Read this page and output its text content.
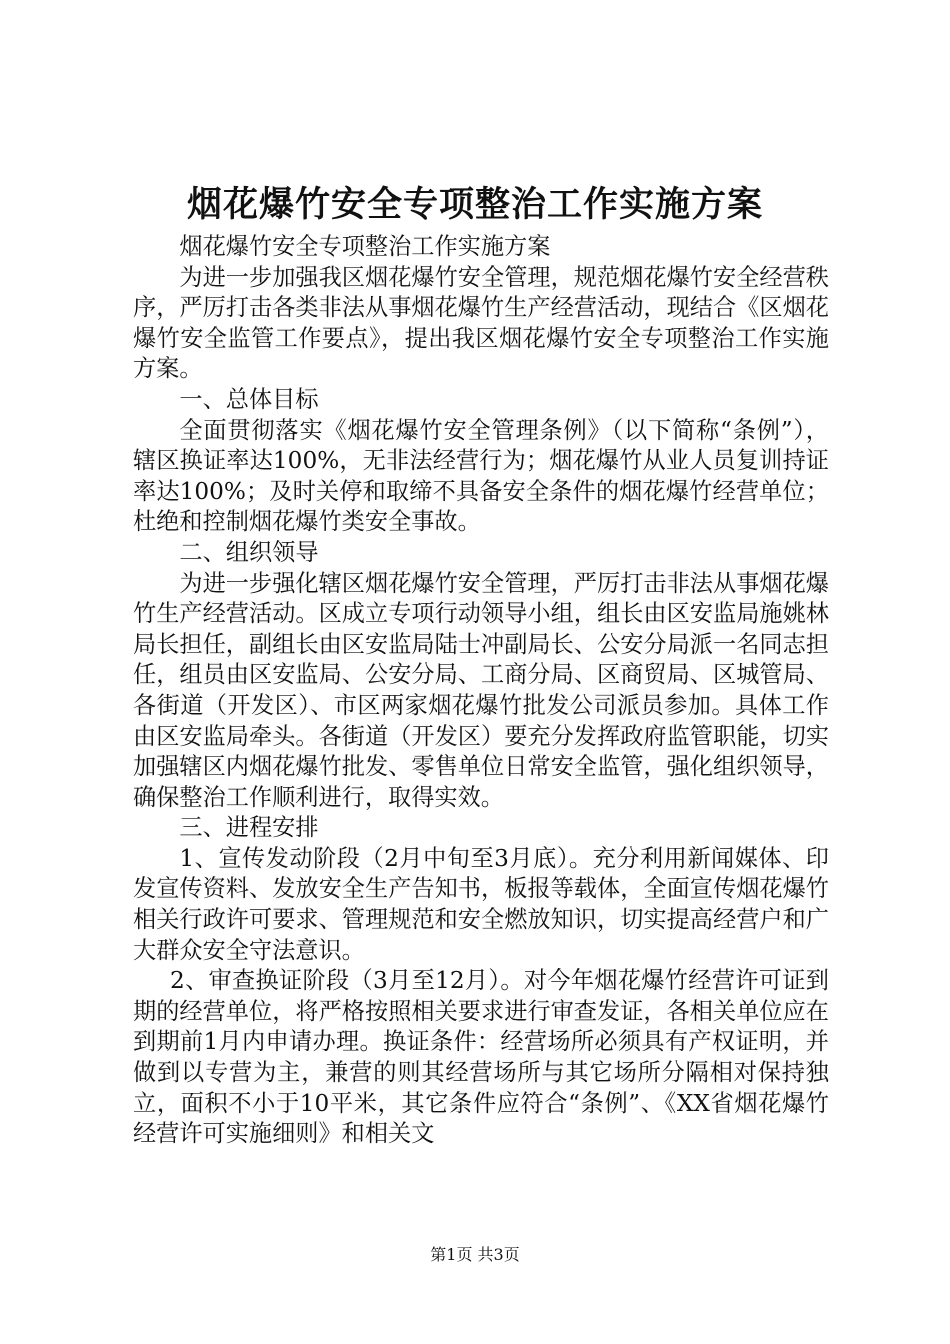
烟花爆竹安全专项整治工作实施方案

烟花爆竹安全专项整治工作实施方案

为进一步加强我区烟花爆竹安全管理，规范烟花爆竹安全经营秩序，严厉打击各类非法从事烟花爆竹生产经营活动，现结合《区烟花爆竹安全监管工作要点》，提出我区烟花爆竹安全专项整治工作实施方案。

一、总体目标

全面贯彻落实《烟花爆竹安全管理条例》（以下简称“条例”），辖区换证率达100%，无非法经营行为；烟花爆竹从业人员复训持证率达100%；及时关停和取缔不具备安全条件的烟花爆竹经营单位；杜绝和控制烟花爆竹类安全事故。

二、组织领导

为进一步强化辖区烟花爆竹安全管理，严厉打击非法从事烟花爆竹生产经营活动。区成立专项行动领导小组，组长由区安监局施姚林局长担任，副组长由区安监局陆士冲副局长、公安分局派一名同志担任，组员由区安监局、公安分局、工商分局、区商贸局、区城管局、各街道（开发区）、市区两家烟花爆竹批发公司派员参加。具体工作由区安监局牵头。各街道（开发区）要充分发挥政府监管职能，切实加强辖区内烟花爆竹批发、零售单位日常安全监管，强化组织领导，确保整治工作顺利进行，取得实效。

三、进程安排

1、宣传发动阶段（2月中旬至3月底）。充分利用新闻媒体、印发宣传资料、发放安全生产告知书，板报等载体，全面宣传烟花爆竹相关行政许可要求、管理规范和安全燃放知识，切实提高经营户和广大群众安全守法意识。

2、审查换证阶段（3月至12月）。对今年烟花爆竹经营许可证到期的经营单位，将严格按照相关要求进行审查发证，各相关单位应在到期前1月内申请办理。换证条件：经营场所必须具有产权证明，并做到以专营为主，兼营的则其经营场所与其它场所分隔相对保持独立，面积不小于10平米，其它条件应符合“条例”、《XX省烟花爆竹经营许可实施细则》和相关文

第1页 共3页
